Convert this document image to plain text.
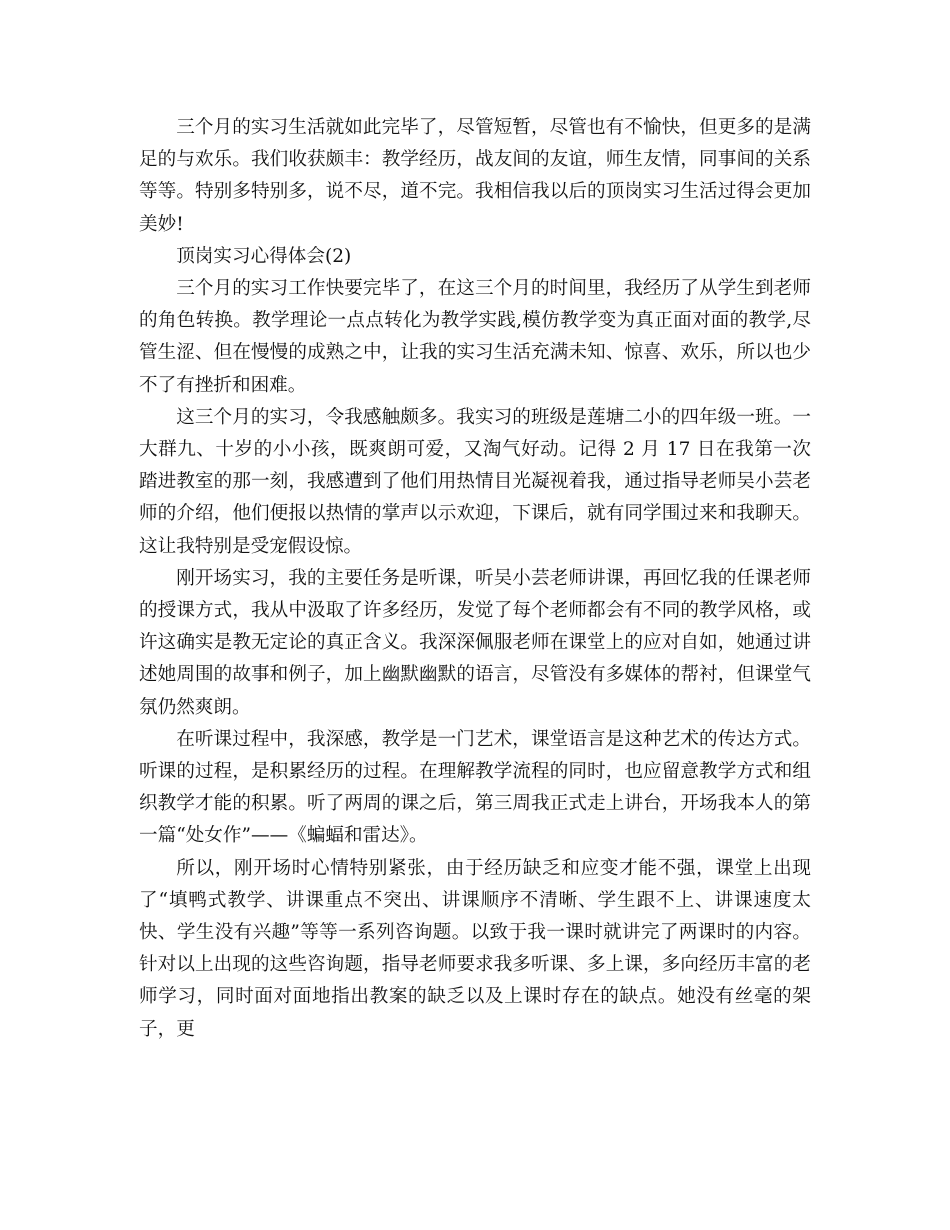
三个月的实习生活就如此完毕了，尽管短暂，尽管也有不愉快，但更多的是满足的与欢乐。我们收获颇丰：教学经历，战友间的友谊，师生友情，同事间的关系等等。特别多特别多，说不尽，道不完。我相信我以后的顶岗实习生活过得会更加美妙!

顶岗实习心得体会(2)

三个月的实习工作快要完毕了，在这三个月的时间里，我经历了从学生到老师的角色转换。教学理论一点点转化为教学实践,模仿教学变为真正面对面的教学,尽管生涩、但在慢慢的成熟之中，让我的实习生活充满未知、惊喜、欢乐，所以也少不了有挫折和困难。

这三个月的实习，令我感触颇多。我实习的班级是莲塘二小的四年级一班。一大群九、十岁的小小孩，既爽朗可爱，又淘气好动。记得 2 月 17 日在我第一次踏进教室的那一刻，我感遭到了他们用热情目光凝视着我，通过指导老师吴小芸老师的介绍，他们便报以热情的掌声以示欢迎，下课后，就有同学围过来和我聊天。这让我特别是受宠假设惊。

刚开场实习，我的主要任务是听课，听吴小芸老师讲课，再回忆我的任课老师的授课方式，我从中汲取了许多经历，发觉了每个老师都会有不同的教学风格，或许这确实是教无定论的真正含义。我深深佩服老师在课堂上的应对自如，她通过讲述她周围的故事和例子，加上幽默幽默的语言，尽管没有多媒体的帮衬，但课堂气氛仍然爽朗。

在听课过程中，我深感，教学是一门艺术，课堂语言是这种艺术的传达方式。听课的过程，是积累经历的过程。在理解教学流程的同时，也应留意教学方式和组织教学才能的积累。听了两周的课之后，第三周我正式走上讲台，开场我本人的第一篇“处女作”——《蝙蝠和雷达》。

所以，刚开场时心情特别紧张，由于经历缺乏和应变才能不强，课堂上出现了“填鸭式教学、讲课重点不突出、讲课顺序不清晰、学生跟不上、讲课速度太快、学生没有兴趣”等等一系列咨询题。以致于我一课时就讲完了两课时的内容。针对以上出现的这些咨询题，指导老师要求我多听课、多上课，多向经历丰富的老师学习，同时面对面地指出教案的缺乏以及上课时存在的缺点。她没有丝毫的架子，更
